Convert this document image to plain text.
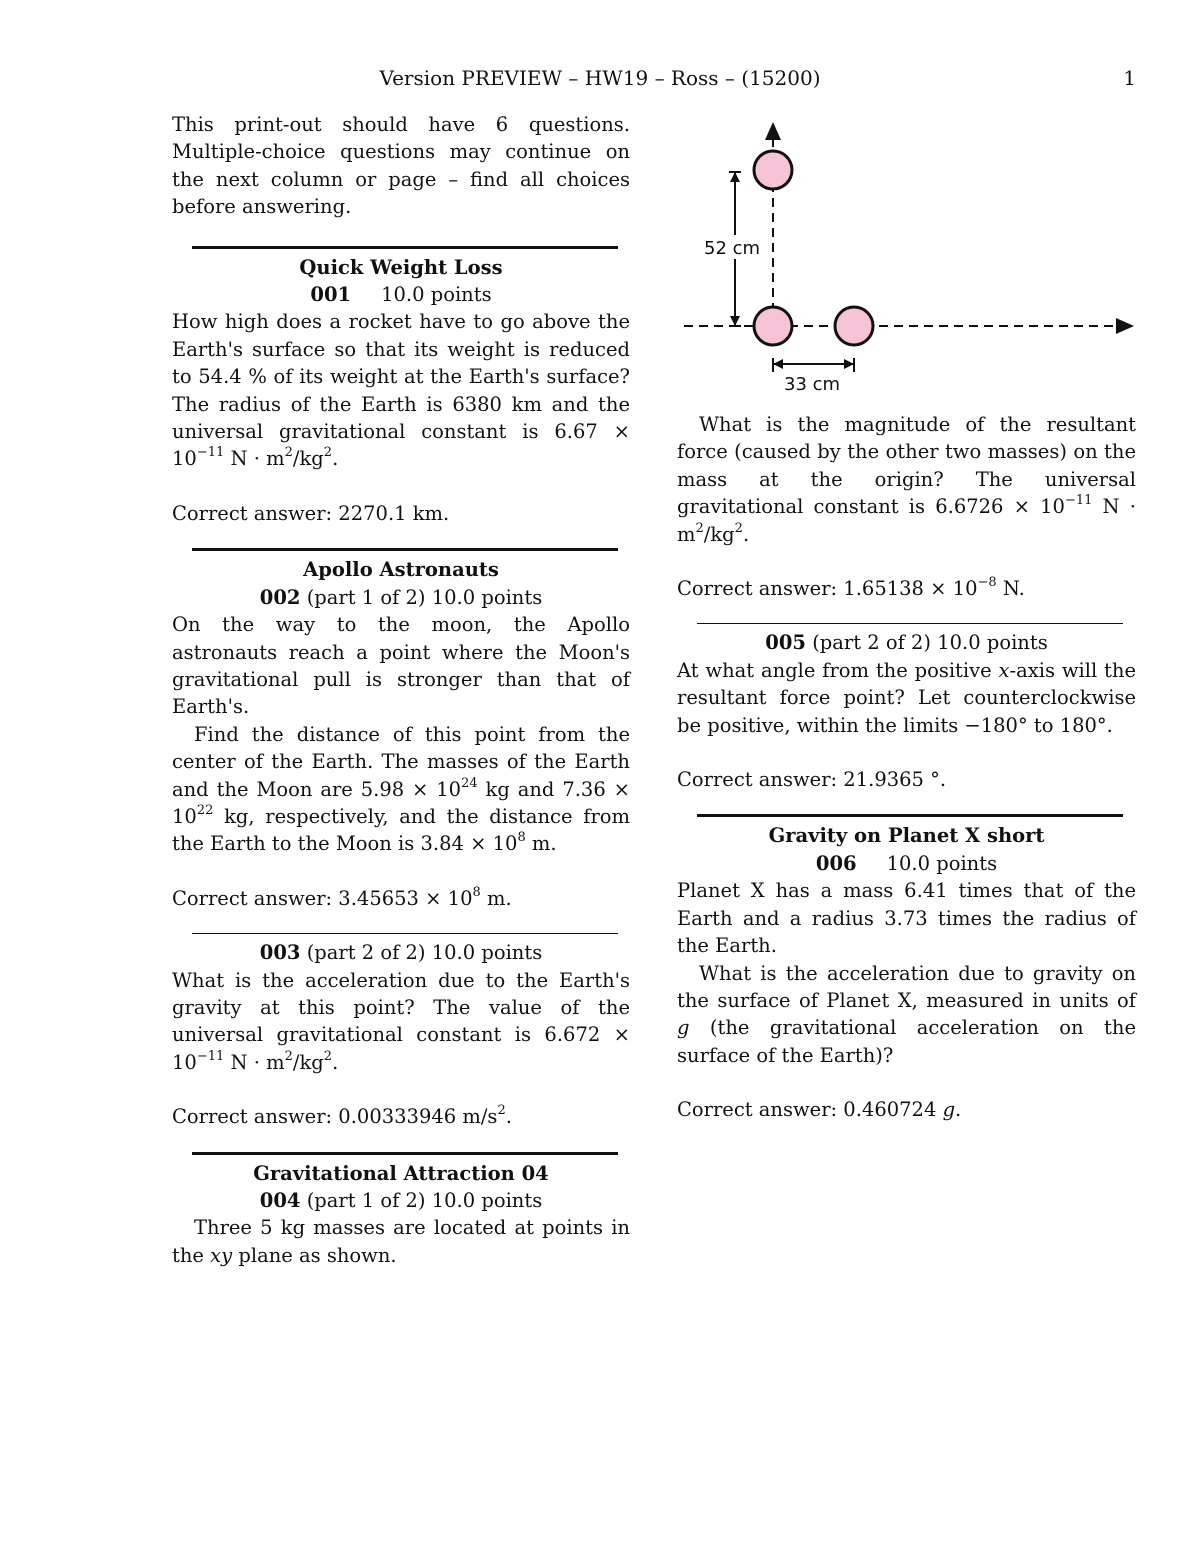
Version PREVIEW – HW19 – Ross – (15200)	1

This print-out should have 6 questions. Multiple-choice questions may continue on the next column or page – find all choices before answering.

Quick Weight Loss

001 10.0 points

How high does a rocket have to go above the Earth's surface so that its weight is reduced to 54.4 % of its weight at the Earth's surface? The radius of the Earth is 6380 km and the universal gravitational constant is $6.67 \times 10^{-11}$ $N \cdot m^2/kg^2$.

Correct answer: 2270.1 km.

Apollo Astronauts

002 (part 1 of 2) 10.0 points

On the way to the moon, the Apollo astronauts reach a point where the Moon's gravitational pull is stronger than that of Earth's.

Find the distance of this point from the center of the Earth. The masses of the Earth and the Moon are $5.98 \times 10^{24}$ kg and $7.36 \times 10^{22}$ kg, respectively, and the distance from the Earth to the Moon is $3.84 \times 10^8$ m.

Correct answer: $3.45653 \times 10^8$ m.

003 (part 2 of 2) 10.0 points

What is the acceleration due to the Earth's gravity at this point? The value of the universal gravitational constant is $6.672 \times 10^{-11}$ $N \cdot m^2/kg^2$.

Correct answer: 0.00333946 $m/s^2$.

Gravitational Attraction 04

004 (part 1 of 2) 10.0 points

Three 5 kg masses are located at points in the xy plane as shown.

52 cm
33 cm

What is the magnitude of the resultant force (caused by the other two masses) on the mass at the origin? The universal gravitational constant is $6.6726 \times 10^{-11}$ $N \cdot m^2/kg^2$.

Correct answer: $1.65138 \times 10^{-8}$ N.

005 (part 2 of 2) 10.0 points

At what angle from the positive x-axis will the resultant force point? Let counterclockwise be positive, within the limits −180° to 180°.

Correct answer: 21.9365 °.

Gravity on Planet X short

006 10.0 points

Planet X has a mass 6.41 times that of the Earth and a radius 3.73 times the radius of the Earth.

What is the acceleration due to gravity on the surface of Planet X, measured in units of g (the gravitational acceleration on the surface of the Earth)?

Correct answer: 0.460724 g.
